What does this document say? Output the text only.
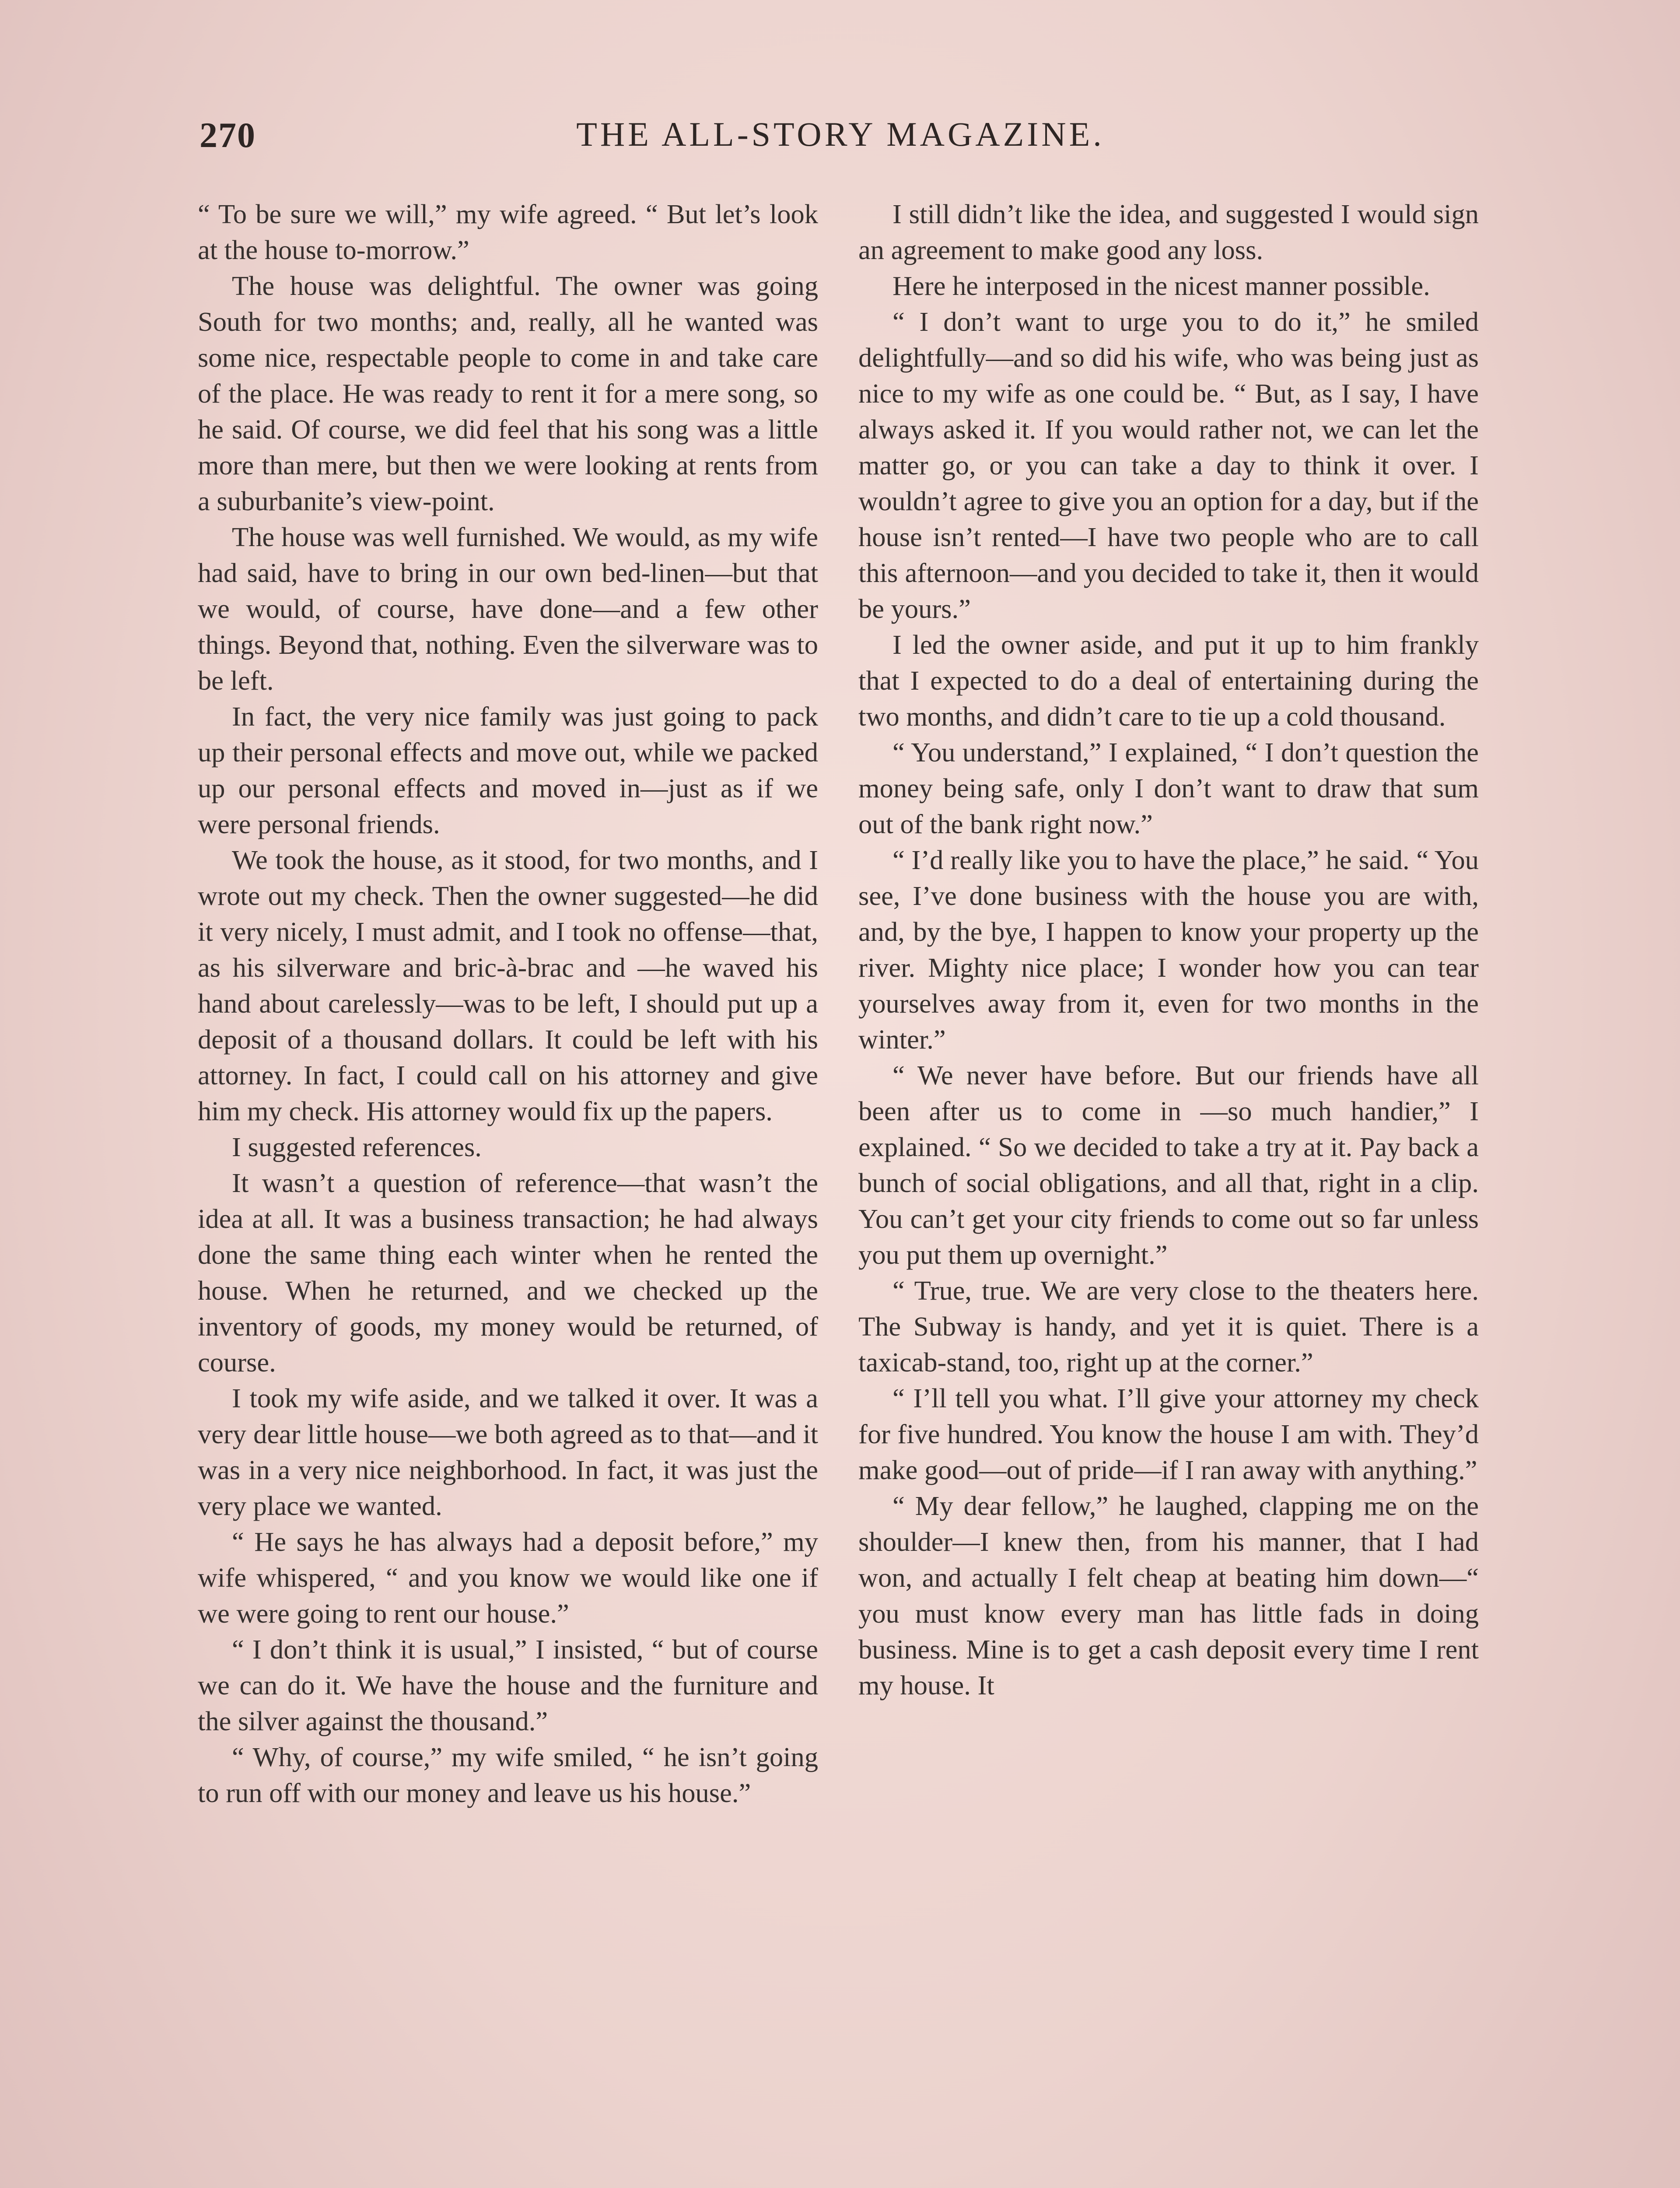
270	THE ALL-STORY MAGAZINE.

“ To be sure we will,” my wife agreed. “ But let’s look at the house to-morrow.”

The house was delightful. The owner was going South for two months; and, really, all he wanted was some nice, respectable people to come in and take care of the place. He was ready to rent it for a mere song, so he said. Of course, we did feel that his song was a little more than mere, but then we were looking at rents from a suburbanite’s view-point.

The house was well furnished. We would, as my wife had said, have to bring in our own bed-linen—but that we would, of course, have done—and a few other things. Beyond that, nothing. Even the silverware was to be left.

In fact, the very nice family was just going to pack up their personal effects and move out, while we packed up our personal effects and moved in—just as if we were personal friends.

We took the house, as it stood, for two months, and I wrote out my check. Then the owner suggested—he did it very nicely, I must admit, and I took no offense—that, as his silverware and bric-à-brac and —he waved his hand about carelessly—was to be left, I should put up a deposit of a thousand dollars. It could be left with his attorney. In fact, I could call on his attorney and give him my check. His attorney would fix up the papers.

I suggested references.

It wasn’t a question of reference—that wasn’t the idea at all. It was a business transaction; he had always done the same thing each winter when he rented the house. When he returned, and we checked up the inventory of goods, my money would be returned, of course.

I took my wife aside, and we talked it over. It was a very dear little house—we both agreed as to that—and it was in a very nice neighborhood. In fact, it was just the very place we wanted.

“ He says he has always had a deposit before,” my wife whispered, “ and you know we would like one if we were going to rent our house.”

“ I don’t think it is usual,” I insisted, “ but of course we can do it. We have the house and the furniture and the silver against the thousand.”

“ Why, of course,” my wife smiled, “ he isn’t going to run off with our money and leave us his house.”

I still didn’t like the idea, and suggested I would sign an agreement to make good any loss.

Here he interposed in the nicest manner possible.

“ I don’t want to urge you to do it,” he smiled delightfully—and so did his wife, who was being just as nice to my wife as one could be. “ But, as I say, I have always asked it. If you would rather not, we can let the matter go, or you can take a day to think it over. I wouldn’t agree to give you an option for a day, but if the house isn’t rented—I have two people who are to call this afternoon—and you decided to take it, then it would be yours.”

I led the owner aside, and put it up to him frankly that I expected to do a deal of entertaining during the two months, and didn’t care to tie up a cold thousand.

“ You understand,” I explained, “ I don’t question the money being safe, only I don’t want to draw that sum out of the bank right now.”

“ I’d really like you to have the place,” he said. “ You see, I’ve done business with the house you are with, and, by the bye, I happen to know your property up the river. Mighty nice place; I wonder how you can tear yourselves away from it, even for two months in the winter.”

“ We never have before. But our friends have all been after us to come in —so much handier,” I explained. “ So we decided to take a try at it. Pay back a bunch of social obligations, and all that, right in a clip. You can’t get your city friends to come out so far unless you put them up overnight.”

“ True, true. We are very close to the theaters here. The Subway is handy, and yet it is quiet. There is a taxicab-stand, too, right up at the corner.”

“ I’ll tell you what. I’ll give your attorney my check for five hundred. You know the house I am with. They’d make good—out of pride—if I ran away with anything.”

“ My dear fellow,” he laughed, clapping me on the shoulder—I knew then, from his manner, that I had won, and actually I felt cheap at beating him down—“ you must know every man has little fads in doing business. Mine is to get a cash deposit every time I rent my house. It
